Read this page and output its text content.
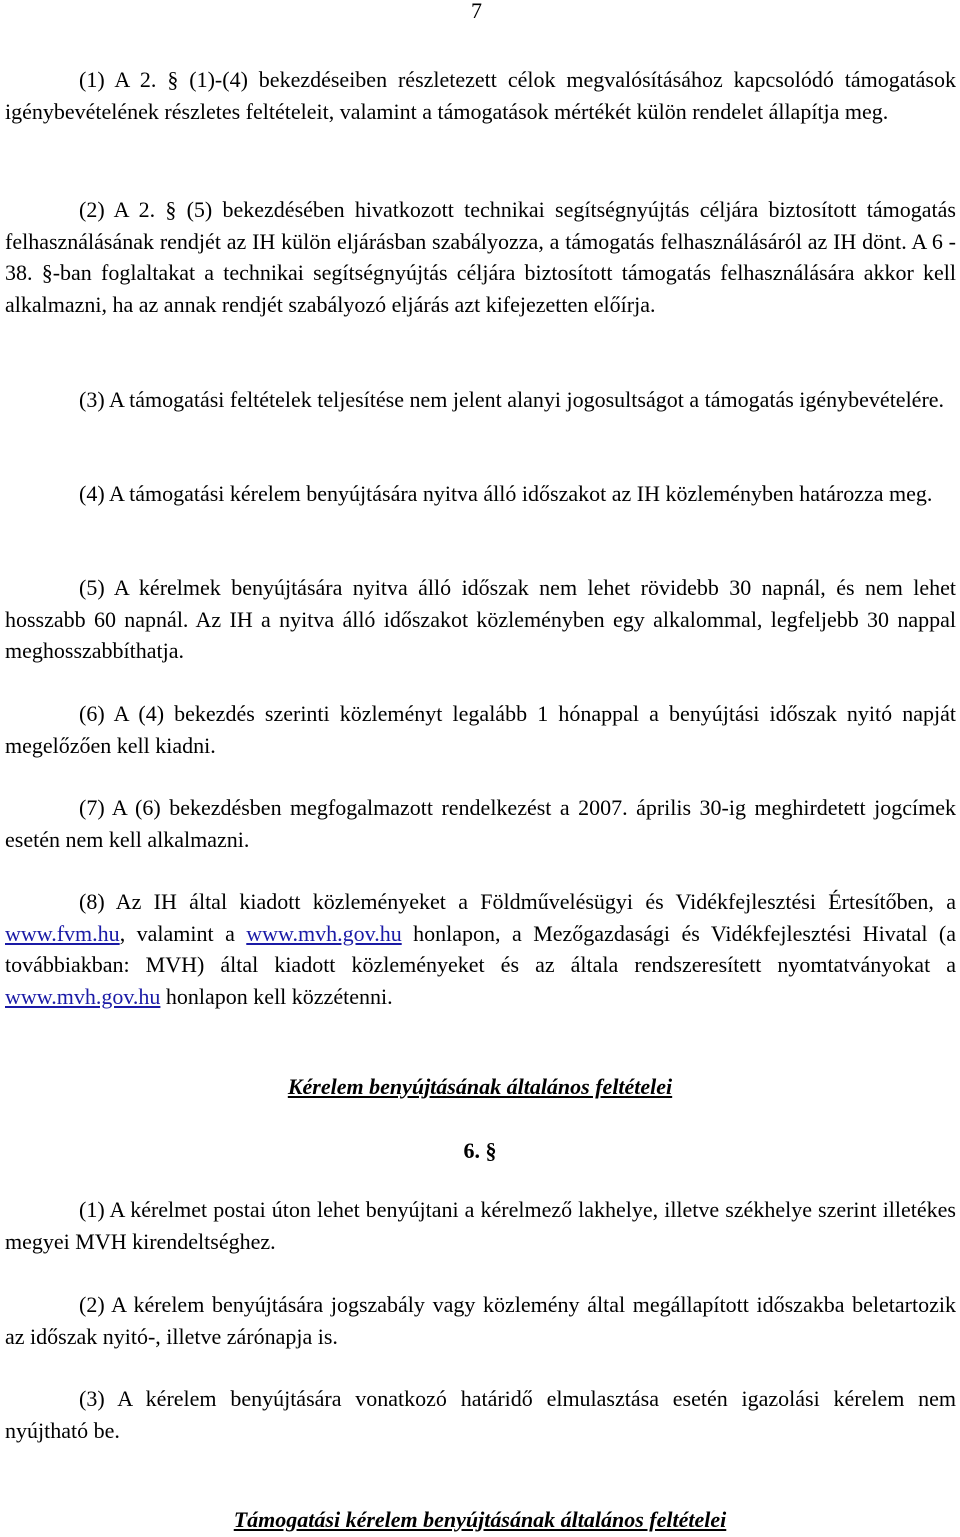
7
(1) A 2. § (1)-(4) bekezdéseiben részletezett célok megvalósításához kapcsolódó támogatások igénybevételének részletes feltételeit, valamint a támogatások mértékét külön rendelet állapítja meg.
(2) A 2. § (5) bekezdésében hivatkozott technikai segítségnyújtás céljára biztosított támogatás felhasználásának rendjét az IH külön eljárásban szabályozza, a támogatás felhasználásáról az IH dönt. A 6 - 38. §-ban foglaltakat a technikai segítségnyújtás céljára biztosított támogatás felhasználására akkor kell alkalmazni, ha az annak rendjét szabályozó eljárás azt kifejezetten előírja.
(3) A támogatási feltételek teljesítése nem jelent alanyi jogosultságot a támogatás igénybevételére.
(4) A támogatási kérelem benyújtására nyitva álló időszakot az IH közleményben határozza meg.
(5) A kérelmek benyújtására nyitva álló időszak nem lehet rövidebb 30 napnál, és nem lehet hosszabb 60 napnál. Az IH a nyitva álló időszakot közleményben egy alkalommal, legfeljebb 30 nappal meghosszabbíthatja.
(6) A (4) bekezdés szerinti közleményt legalább 1 hónappal a benyújtási időszak nyitó napját megelőzően kell kiadni.
(7) A (6) bekezdésben megfogalmazott rendelkezést a 2007. április 30-ig meghirdetett jogcímek esetén nem kell alkalmazni.
(8) Az IH által kiadott közleményeket a Földművelésügyi és Vidékfejlesztési Értesítőben, a www.fvm.hu, valamint a www.mvh.gov.hu honlapon, a Mezőgazdasági és Vidékfejlesztési Hivatal (a továbbiakban: MVH) által kiadott közleményeket és az általa rendszeresített nyomtatványokat a www.mvh.gov.hu honlapon kell közzétenni.
Kérelem benyújtásának általános feltételei
6. §
(1) A kérelmet postai úton lehet benyújtani a kérelmező lakhelye, illetve székhelye szerint illetékes megyei MVH kirendeltséghez.
(2) A kérelem benyújtására jogszabály vagy közlemény által megállapított időszakba beletartozik az időszak nyitó-, illetve zárónapja is.
(3) A kérelem benyújtására vonatkozó határidő elmulasztása esetén igazolási kérelem nem nyújtható be.
Támogatási kérelem benyújtásának általános feltételei
